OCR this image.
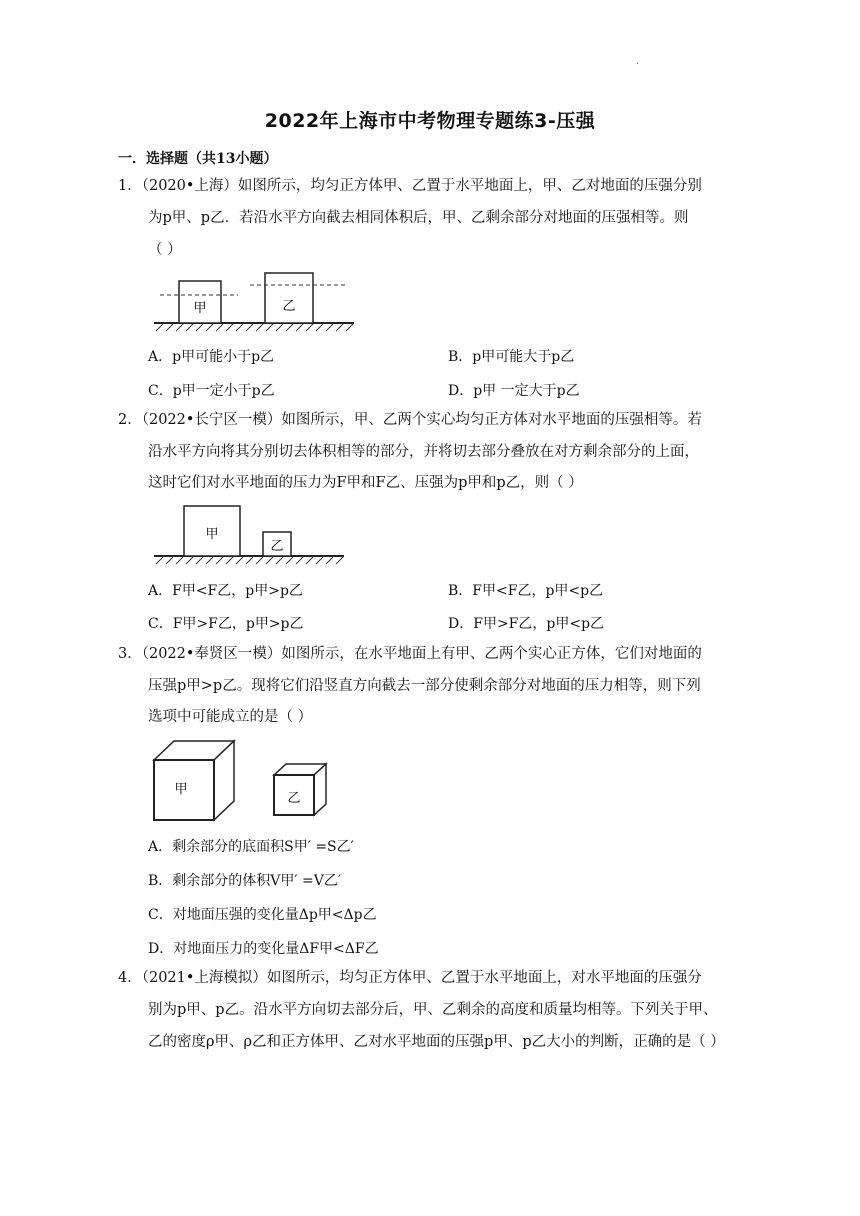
.
2022年上海市中考物理专题练3-压强
一．选择题（共13小题）
1．（2020•上海）如图所示，均匀正方体甲、乙置于水平地面上，甲、乙对地面的压强分别
为p甲、p乙．若沿水平方向截去相同体积后，甲、乙剩余部分对地面的压强相等。则
（ ）
甲	乙
A．p甲可能小于p乙	B．p甲可能大于p乙
C．p甲一定小于p乙	D．p甲 一定大于p乙
2．（2022•长宁区一模）如图所示，甲、乙两个实心均匀正方体对水平地面的压强相等。若
沿水平方向将其分别切去体积相等的部分，并将切去部分叠放在对方剩余部分的上面，
这时它们对水平地面的压力为F甲和F乙、压强为p甲和p乙，则（ ）
甲
乙
A．F甲<F乙，p甲>p乙	B．F甲<F乙，p甲<p乙
C．F甲>F乙，p甲>p乙	D．F甲>F乙，p甲<p乙
3．（2022•奉贤区一模）如图所示，在水平地面上有甲、乙两个实心正方体，它们对地面的
压强p甲>p乙。现将它们沿竖直方向截去一部分使剩余部分对地面的压力相等，则下列
选项中可能成立的是（ ）
甲
乙
A．剩余部分的底面积S甲′ =S乙′
B．剩余部分的体积V甲′ =V乙′
C．对地面压强的变化量Δp甲<Δp乙
D．对地面压力的变化量ΔF甲<ΔF乙
4．（2021•上海模拟）如图所示，均匀正方体甲、乙置于水平地面上，对水平地面的压强分
别为p甲、p乙。沿水平方向切去部分后，甲、乙剩余的高度和质量均相等。下列关于甲、
乙的密度ρ甲、ρ乙和正方体甲、乙对水平地面的压强p甲、p乙大小的判断，正确的是（ ）
